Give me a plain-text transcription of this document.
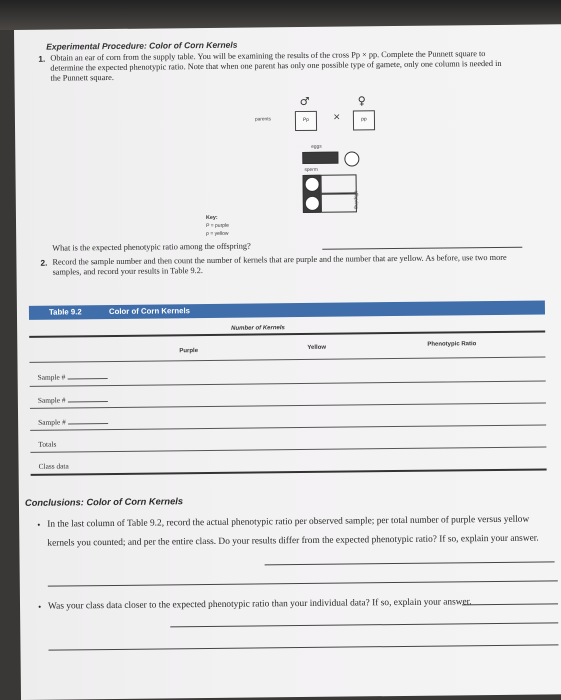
Experimental Procedure: Color of Corn Kernels
1. Obtain an ear of corn from the supply table. You will be examining the results of the cross Pp × pp. Complete the Punnett square to determine the expected phenotypic ratio. Note that when one parent has only one possible type of gamete, only one column is needed in the Punnett square.
♂	♀
parents	Pp	×	pp
eggs
sperm
offspring
Key:
P = purple
p = yellow
What is the expected phenotypic ratio among the offspring?
2. Record the sample number and then count the number of kernels that are purple and the number that are yellow. As before, use two more samples, and record your results in Table 9.2.
Table 9.2	Color of Corn Kernels
Number of Kernels
Purple
Yellow
Phenotypic Ratio
Sample #
Sample #
Sample #
Totals
Class data
Conclusions: Color of Corn Kernels
• In the last column of Table 9.2, record the actual phenotypic ratio per observed sample; per total number of purple versus yellow kernels you counted; and per the entire class. Do your results differ from the expected phenotypic ratio? If so, explain your answer.
• Was your class data closer to the expected phenotypic ratio than your individual data? If so, explain your answer.
